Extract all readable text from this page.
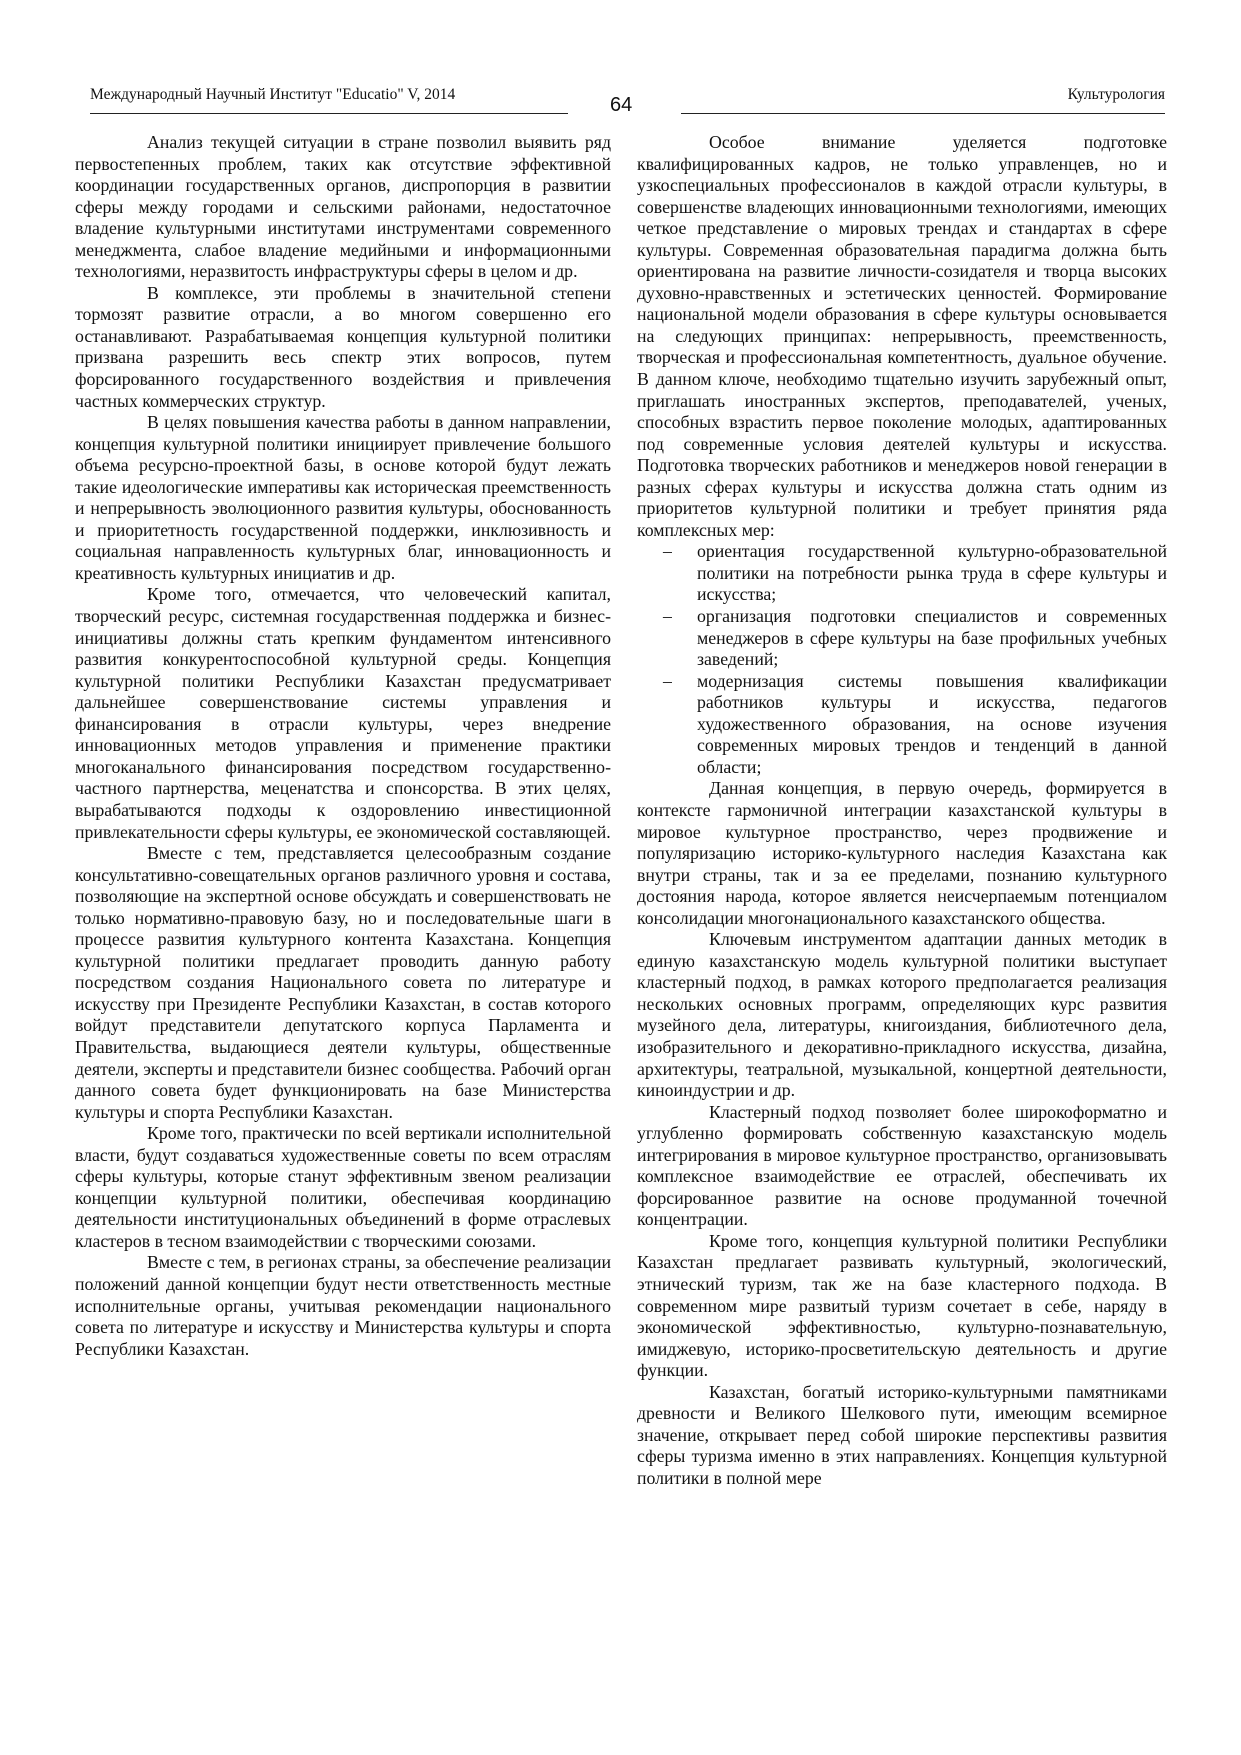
Международный Научный Институт "Educatio" V, 2014	64	Культурология

Анализ текущей ситуации в стране позволил выявить ряд первостепенных проблем, таких как отсутствие эффективной координации государственных органов, диспропорция в развитии сферы между городами и сельскими районами, недостаточное владение культурными институтами инструментами современного менеджмента, слабое владение медийными и информационными технологиями, неразвитость инфраструктуры сферы в целом и др.

В комплексе, эти проблемы в значительной степени тормозят развитие отрасли, а во многом совершенно его останавливают. Разрабатываемая концепция культурной политики призвана разрешить весь спектр этих вопросов, путем форсированного государственного воздействия и привлечения частных коммерческих структур.

В целях повышения качества работы в данном направлении, концепция культурной политики инициирует привлечение большого объема ресурсно-проектной базы, в основе которой будут лежать такие идеологические императивы как историческая преемственность и непрерывность эволюционного развития культуры, обоснованность и приоритетность государственной поддержки, инклюзивность и социальная направленность культурных благ, инновационность и креативность культурных инициатив и др.

Кроме того, отмечается, что человеческий капитал, творческий ресурс, системная государственная поддержка и бизнес-инициативы должны стать крепким фундаментом интенсивного развития конкурентоспособной культурной среды. Концепция культурной политики Республики Казахстан предусматривает дальнейшее совершенствование системы управления и финансирования в отрасли культуры, через внедрение инновационных методов управления и применение практики многоканального финансирования посредством государственно-частного партнерства, меценатства и спонсорства. В этих целях, вырабатываются подходы к оздоровлению инвестиционной привлекательности сферы культуры, ее экономической составляющей.

Вместе с тем, представляется целесообразным создание консультативно-совещательных органов различного уровня и состава, позволяющие на экспертной основе обсуждать и совершенствовать не только нормативно-правовую базу, но и последовательные шаги в процессе развития культурного контента Казахстана. Концепция культурной политики предлагает проводить данную работу посредством создания Национального совета по литературе и искусству при Президенте Республики Казахстан, в состав которого войдут представители депутатского корпуса Парламента и Правительства, выдающиеся деятели культуры, общественные деятели, эксперты и представители бизнес сообщества. Рабочий орган данного совета будет функционировать на базе Министерства культуры и спорта Республики Казахстан.

Кроме того, практически по всей вертикали исполнительной власти, будут создаваться художественные советы по всем отраслям сферы культуры, которые станут эффективным звеном реализации концепции культурной политики, обеспечивая координацию деятельности институциональных объединений в форме отраслевых кластеров в тесном взаимодействии с творческими союзами.

Вместе с тем, в регионах страны, за обеспечение реализации положений данной концепции будут нести ответственность местные исполнительные органы, учитывая рекомендации национального совета по литературе и искусству и Министерства культуры и спорта Республики Казахстан.

Особое внимание уделяется подготовке квалифицированных кадров, не только управленцев, но и узкоспециальных профессионалов в каждой отрасли культуры, в совершенстве владеющих инновационными технологиями, имеющих четкое представление о мировых трендах и стандартах в сфере культуры. Современная образовательная парадигма должна быть ориентирована на развитие личности-созидателя и творца высоких духовно-нравственных и эстетических ценностей. Формирование национальной модели образования в сфере культуры основывается на следующих принципах: непрерывность, преемственность, творческая и профессиональная компетентность, дуальное обучение. В данном ключе, необходимо тщательно изучить зарубежный опыт, приглашать иностранных экспертов, преподавателей, ученых, способных взрастить первое поколение молодых, адаптированных под современные условия деятелей культуры и искусства. Подготовка творческих работников и менеджеров новой генерации в разных сферах культуры и искусства должна стать одним из приоритетов культурной политики и требует принятия ряда комплексных мер:

– ориентация государственной культурно-образовательной политики на потребности рынка труда в сфере культуры и искусства;
– организация подготовки специалистов и современных менеджеров в сфере культуры на базе профильных учебных заведений;
– модернизация системы повышения квалификации работников культуры и искусства, педагогов художественного образования, на основе изучения современных мировых трендов и тенденций в данной области;

Данная концепция, в первую очередь, формируется в контексте гармоничной интеграции казахстанской культуры в мировое культурное пространство, через продвижение и популяризацию историко-культурного наследия Казахстана как внутри страны, так и за ее пределами, познанию культурного достояния народа, которое является неисчерпаемым потенциалом консолидации многонационального казахстанского общества.

Ключевым инструментом адаптации данных методик в единую казахстанскую модель культурной политики выступает кластерный подход, в рамках которого предполагается реализация нескольких основных программ, определяющих курс развития музейного дела, литературы, книгоиздания, библиотечного дела, изобразительного и декоративно-прикладного искусства, дизайна, архитектуры, театральной, музыкальной, концертной деятельности, киноиндустрии и др.

Кластерный подход позволяет более широкоформатно и углубленно формировать собственную казахстанскую модель интегрирования в мировое культурное пространство, организовывать комплексное взаимодействие ее отраслей, обеспечивать их форсированное развитие на основе продуманной точечной концентрации.

Кроме того, концепция культурной политики Республики Казахстан предлагает развивать культурный, экологический, этнический туризм, так же на базе кластерного подхода. В современном мире развитый туризм сочетает в себе, наряду в экономической эффективностью, культурно-познавательную, имиджевую, историко-просветительскую деятельность и другие функции.

Казахстан, богатый историко-культурными памятниками древности и Великого Шелкового пути, имеющим всемирное значение, открывает перед собой широкие перспективы развития сферы туризма именно в этих направлениях. Концепция культурной политики в полной мере
